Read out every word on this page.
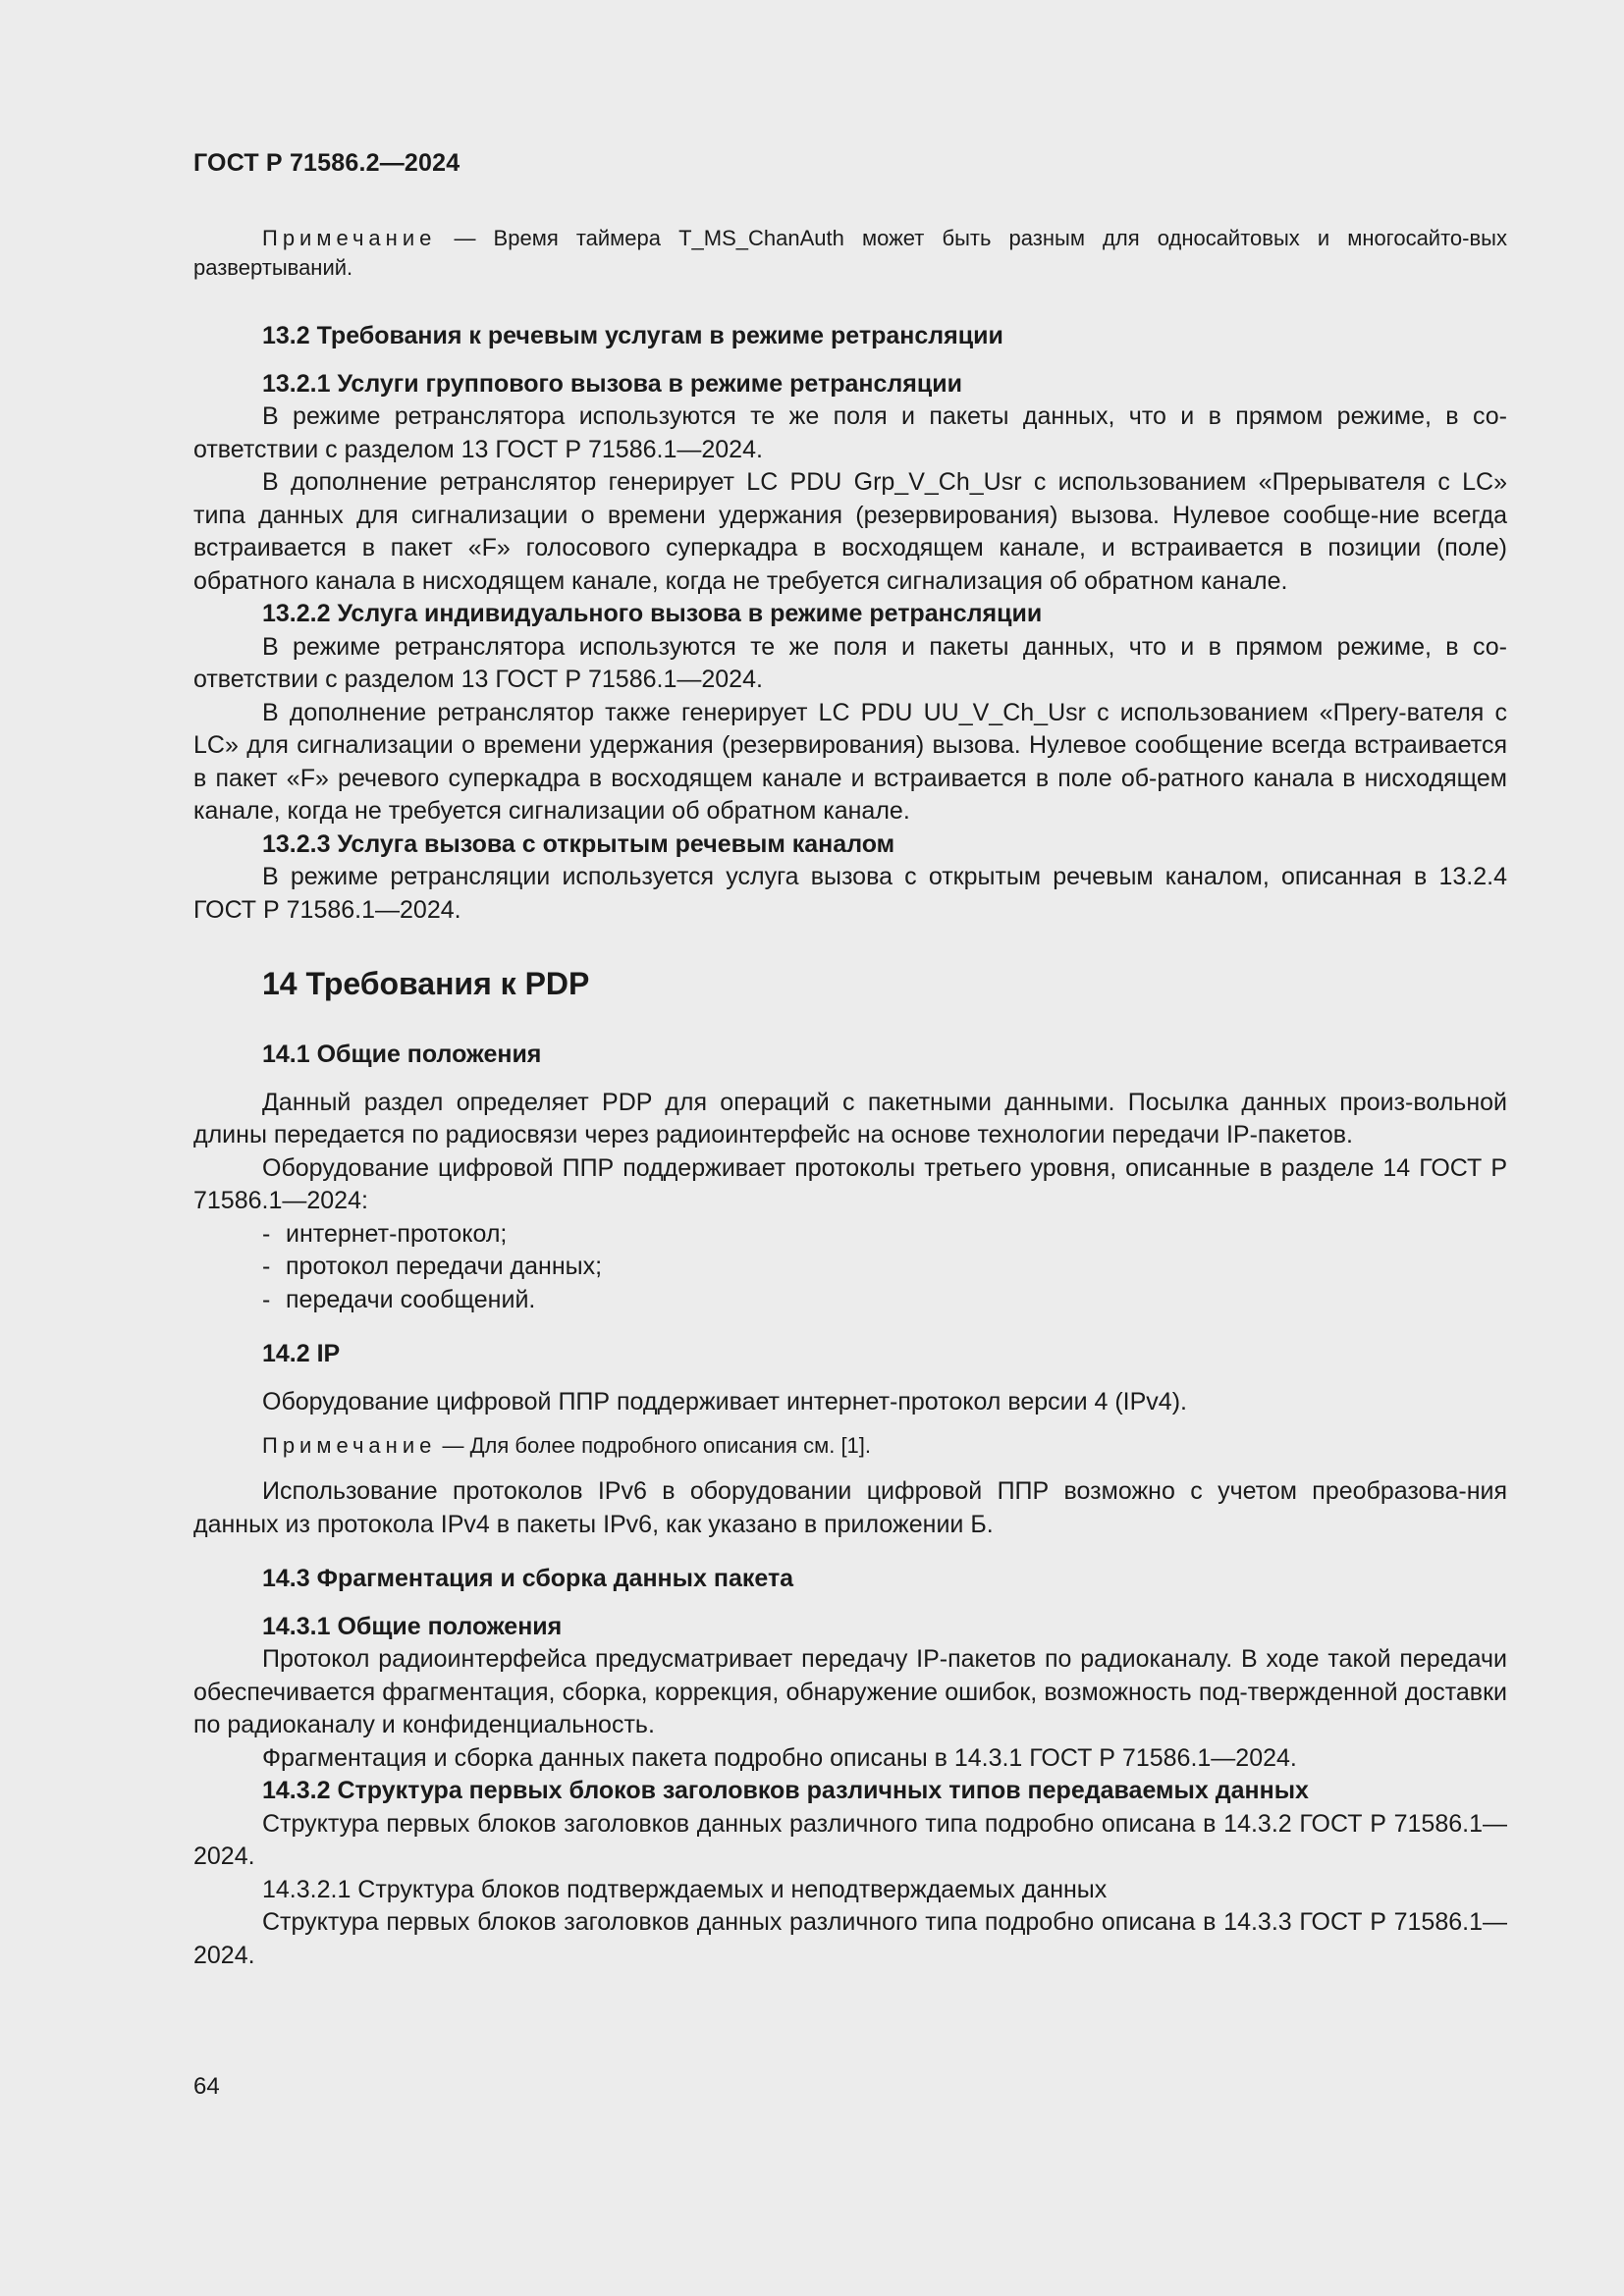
ГОСТ Р 71586.2—2024

Примечание — Время таймера T_MS_ChanAuth может быть разным для односайтовых и многосайто-вых развертываний.

13.2 Требования к речевым услугам в режиме ретрансляции

13.2.1 Услуги группового вызова в режиме ретрансляции

В режиме ретранслятора используются те же поля и пакеты данных, что и в прямом режиме, в со-ответствии с разделом 13 ГОСТ Р 71586.1—2024.

В дополнение ретранслятор генерирует LC PDU Grp_V_Ch_Usr с использованием «Прерывателя с LC» типа данных для сигнализации о времени удержания (резервирования) вызова. Нулевое сообще-ние всегда встраивается в пакет «F» голосового суперкадра в восходящем канале, и встраивается в позиции (поле) обратного канала в нисходящем канале, когда не требуется сигнализация об обратном канале.

13.2.2 Услуга индивидуального вызова в режиме ретрансляции

В режиме ретранслятора используются те же поля и пакеты данных, что и в прямом режиме, в со-ответствии с разделом 13 ГОСТ Р 71586.1—2024.

В дополнение ретранслятор также генерирует LC PDU UU_V_Ch_Usr с использованием «Прery-вателя с LC» для сигнализации о времени удержания (резервирования) вызова. Нулевое сообщение всегда встраивается в пакет «F» речевого суперкадра в восходящем канале и встраивается в поле об-ратного канала в нисходящем канале, когда не требуется сигнализации об обратном канале.

13.2.3 Услуга вызова с открытым речевым каналом

В режиме ретрансляции используется услуга вызова с открытым речевым каналом, описанная в 13.2.4 ГОСТ Р 71586.1—2024.

14 Требования к PDP

14.1 Общие положения

Данный раздел определяет PDP для операций с пакетными данными. Посылка данных произ-вольной длины передается по радиосвязи через радиоинтерфейс на основе технологии передачи IP-пакетов.

Оборудование цифровой ППР поддерживает протоколы третьего уровня, описанные в разделе 14 ГОСТ Р 71586.1—2024:

- интернет-протокол;

- протокол передачи данных;

- передачи сообщений.

14.2 IP

Оборудование цифровой ППР поддерживает интернет-протокол версии 4 (IPv4).

Примечание — Для более подробного описания см. [1].

Использование протоколов IPv6 в оборудовании цифровой ППР возможно с учетом преобразова-ния данных из протокола IPv4 в пакеты IPv6, как указано в приложении Б.

14.3 Фрагментация и сборка данных пакета

14.3.1 Общие положения

Протокол радиоинтерфейса предусматривает передачу IP-пакетов по радиоканалу. В ходе такой передачи обеспечивается фрагментация, сборка, коррекция, обнаружение ошибок, возможность под-твержденной доставки по радиоканалу и конфиденциальность.

Фрагментация и сборка данных пакета подробно описаны в 14.3.1 ГОСТ Р 71586.1—2024.

14.3.2 Структура первых блоков заголовков различных типов передаваемых данных

Структура первых блоков заголовков данных различного типа подробно описана в 14.3.2 ГОСТ Р 71586.1—2024.

14.3.2.1 Структура блоков подтверждаемых и неподтверждаемых данных

Структура первых блоков заголовков данных различного типа подробно описана в 14.3.3 ГОСТ Р 71586.1—2024.

64
